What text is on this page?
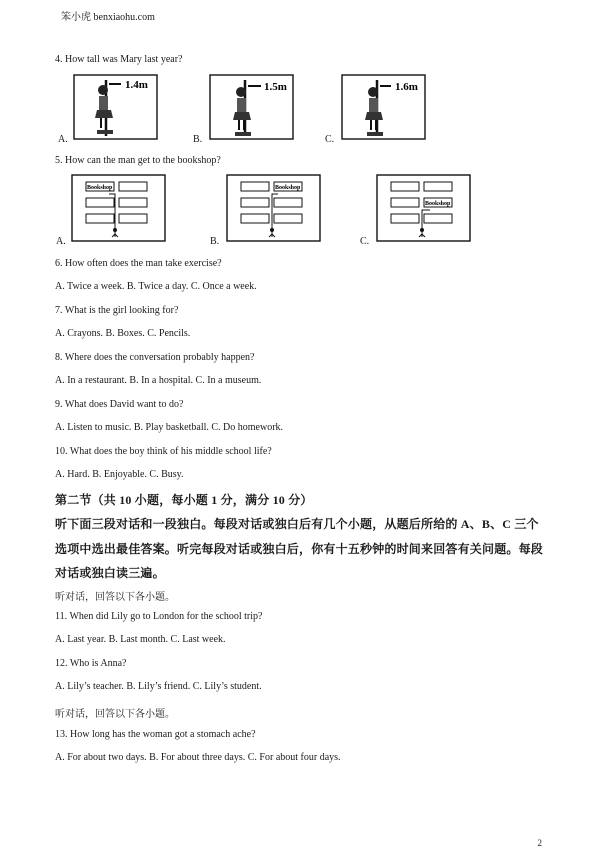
笨小虎 benxiaohu.com
4. How tall was Mary last year?
1.4m
A.
1.5m
B.
1.6m
C.
5. How can the man get to the bookshop?
Bookshop
A.
Bookshop
B.
Bookshop
C.
6. How often does the man take exercise?
A. Twice a week. B. Twice a day. C. Once a week.
7. What is the girl looking for?
A. Crayons. B. Boxes. C. Pencils.
8. Where does the conversation probably happen?
A. In a restaurant. B. In a hospital. C. In a museum.
9. What does David want to do?
A. Listen to music. B. Play basketball. C. Do homework.
10. What does the boy think of his middle school life?
A. Hard. B. Enjoyable. C. Busy.
第二节（共 10 小题，每小题 1 分，满分 10 分）
听下面三段对话和一段独白。每段对话或独白后有几个小题，从题后所给的 A、B、C 三个
选项中选出最佳答案。听完每段对话或独白后，你有十五秒钟的时间来回答有关问题。每段
对话或独白读三遍。
听对话，回答以下各小题。
11. When did Lily go to London for the school trip?
A. Last year. B. Last month. C. Last week.
12. Who is Anna?
A. Lily’s teacher. B. Lily’s friend. C. Lily’s student.
听对话，回答以下各小题。
13. How long has the woman got a stomach ache?
A. For about two days. B. For about three days. C. For about four days.
2
